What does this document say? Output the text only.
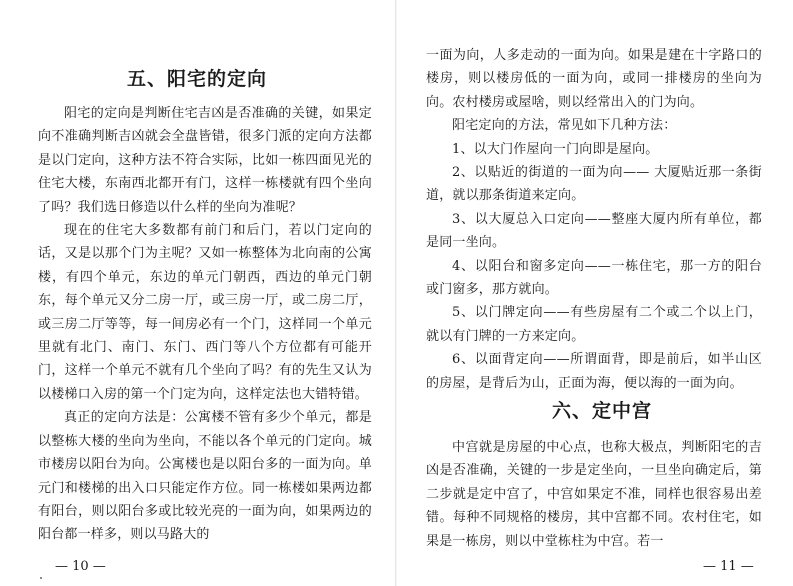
五、阳宅的定向

阳宅的定向是判断住宅吉凶是否准确的关键，如果定向不准确判断吉凶就会全盘皆错，很多门派的定向方法都是以门定向，这种方法不符合实际，比如一栋四面见光的住宅大楼，东南西北都开有门，这样一栋楼就有四个坐向了吗？我们选日修造以什么样的坐向为准呢？

现在的住宅大多数都有前门和后门，若以门定向的话，又是以那个门为主呢？又如一栋整体为北向南的公寓楼，有四个单元，东边的单元门朝西，西边的单元门朝东，每个单元又分二房一厅，或三房一厅，或二房二厅，或三房二厅等等，每一间房必有一个门，这样同一个单元里就有北门、南门、东门、西门等八个方位都有可能开门，这样一个单元不就有几个坐向了吗？有的先生又认为以楼梯口入房的第一个门定为向，这样定法也大错特错。

真正的定向方法是：公寓楼不管有多少个单元，都是以整栋大楼的坐向为坐向，不能以各个单元的门定向。城市楼房以阳台为向。公寓楼也是以阳台多的一面为向。单元门和楼梯的出入口只能定作方位。同一栋楼如果两边都有阳台，则以阳台多或比较光亮的一面为向，如果两边的阳台都一样多，则以马路大的

— 10 —

一面为向，人多走动的一面为向。如果是建在十字路口的楼房，则以楼房低的一面为向，或同一排楼房的坐向为向。农村楼房或屋啥，则以经常出入的门为向。

阳宅定向的方法，常见如下几种方法：

1、以大门作屋向一门向即是屋向。

2、以贴近的街道的一面为向—— 大厦贴近那一条街道，就以那条街道来定向。

3、以大厦总入口定向——整座大厦内所有单位，都是同一坐向。

4、以阳台和窗多定向——一栋住宅，那一方的阳台或门窗多，那方就向。

5、以门牌定向——有些房屋有二个或二个以上门，就以有门牌的一方来定向。

6、以面背定向——所谓面背，即是前后，如半山区的房屋，是背后为山，正面为海，便以海的一面为向。

六、定中宫

中宫就是房屋的中心点，也称大极点，判断阳宅的吉凶是否准确，关键的一步是定坐向，一旦坐向确定后，第二步就是定中宫了，中宫如果定不准，同样也很容易出差错。每种不同规格的楼房，其中宫都不同。农村住宅，如果是一栋房，则以中堂栋柱为中宫。若一

— 11 —
